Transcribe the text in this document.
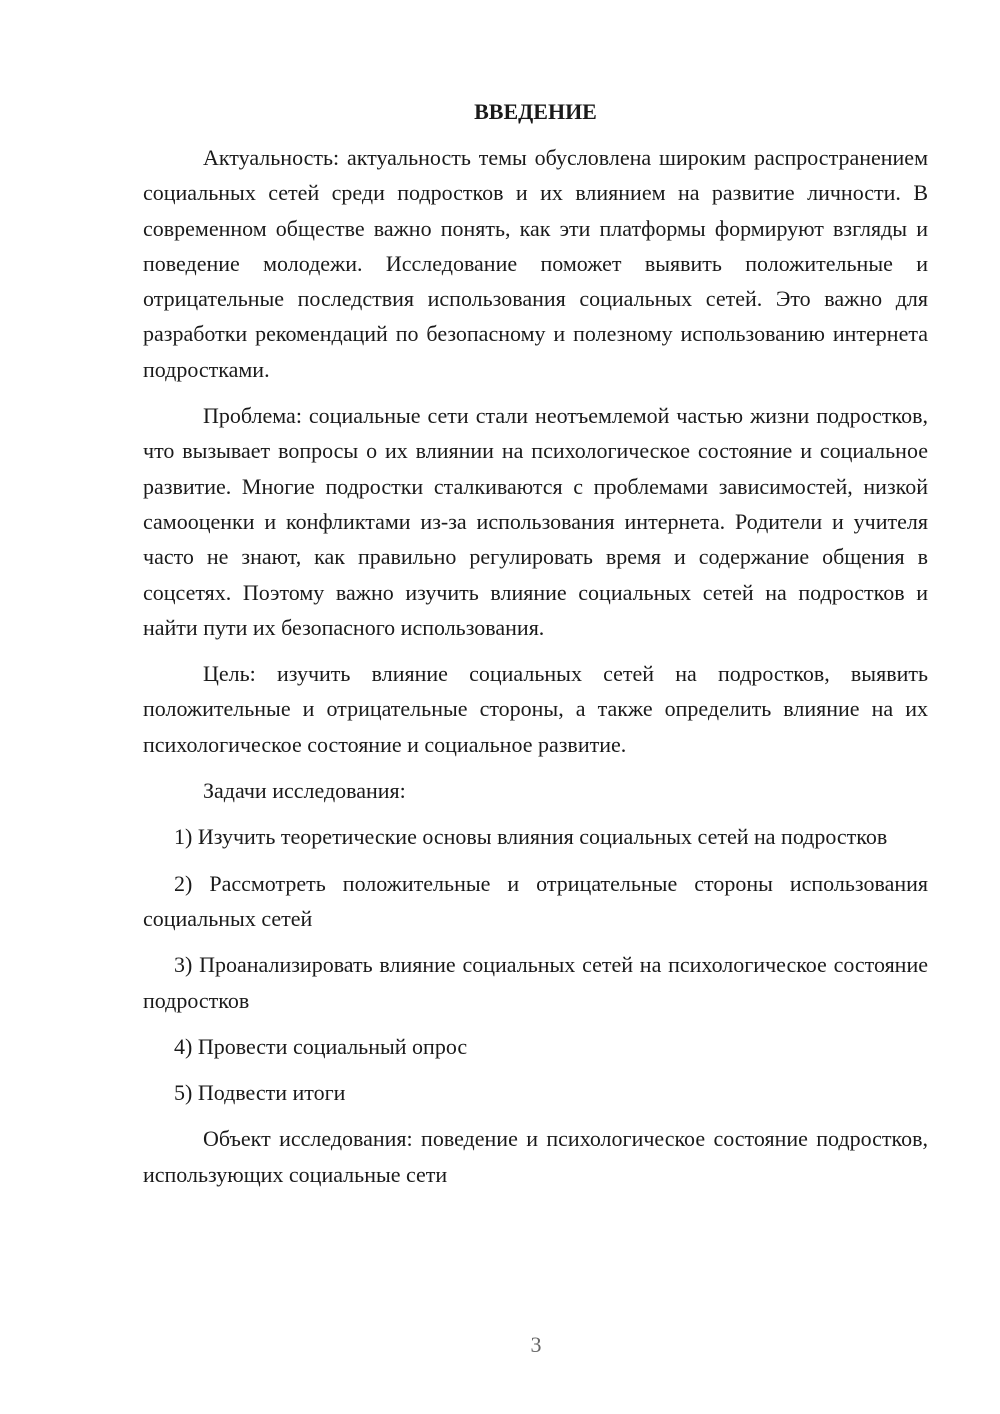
ВВЕДЕНИЕ

Актуальность: актуальность темы обусловлена широким распространением социальных сетей среди подростков и их влиянием на развитие личности. В современном обществе важно понять, как эти платформы формируют взгляды и поведение молодежи. Исследование поможет выявить положительные и отрицательные последствия использования социальных сетей. Это важно для разработки рекомендаций по безопасному и полезному использованию интернета подростками.

Проблема: социальные сети стали неотъемлемой частью жизни подростков, что вызывает вопросы о их влиянии на психологическое состояние и социальное развитие. Многие подростки сталкиваются с проблемами зависимостей, низкой самооценки и конфликтами из-за использования интернета. Родители и учителя часто не знают, как правильно регулировать время и содержание общения в соцсетях. Поэтому важно изучить влияние социальных сетей на подростков и найти пути их безопасного использования.

Цель: изучить влияние социальных сетей на подростков, выявить положительные и отрицательные стороны, а также определить влияние на их психологическое состояние и социальное развитие.

Задачи исследования:

1) Изучить теоретические основы влияния социальных сетей на подростков

2) Рассмотреть положительные и отрицательные стороны использования социальных сетей

3) Проанализировать влияние социальных сетей на психологическое состояние подростков

4) Провести социальный опрос

5) Подвести итоги

Объект исследования: поведение и психологическое состояние подростков, использующих социальные сети

3
